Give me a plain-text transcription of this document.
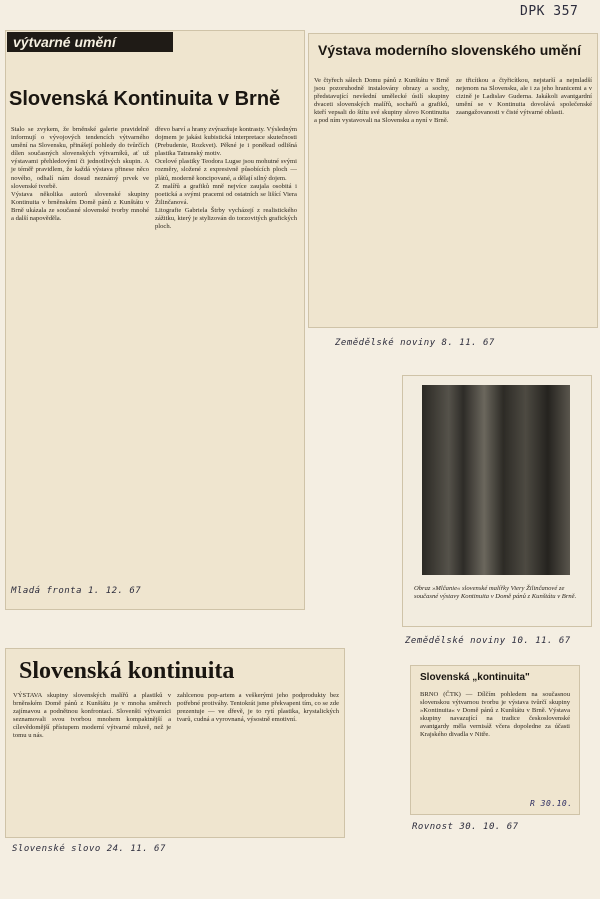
DPK 357
výtvarné umění
Slovenská Kontinuita v Brně
Stalo se zvykem, že brněnské galerie pravidelně informují o vývojových tendencích výtvarného umění na Slovensku, přinášejí pohledy do tvůrčích dílen současných slovenských výtvarníků, ať už výstavami přehledovými či jednotlivých skupin. A je téměř pravidlem, že každá výstava přinese něco nového, odhalí nám dosud neznámý prvek ve slovenské tvorbě.
Výstava několika autorů slovenské skupiny Kontinuita v brněnském Domě pánů z Kunštátu v Brně ukázala ze současné slovenské tvorby mnohé a další napověděla.
dřevo barví a hrany zvýrazňuje kontrasty. Výsledným dojmem je jakási kubistická interpretace skutečnosti (Prebudenie, Rozkvet). Pěkné je i poněkud odlišná plastika Tatranský motiv.
Ocelové plastiky Teodora Lugse jsou mohutné svými rozměry, složené z expresivně působících ploch — plátů, moderně koncipované, a dělají silný dojem.
Z malířů a grafiků mně nejvíce zaujala osobitá i poetická a svými pracemi od ostatních se lišící Viera Žilinčanová.
Litografie Gabriela Štrby vycházejí z realistického zážitku, který je stylizován do torzovitých grafických ploch.
Mladá fronta 1. 12. 67
Výstava moderního slovenského umění
Ve čtyřech sálech Domu pánů z Kunštátu v Brně jsou pozoruhodně instalovány obrazy a sochy, představující nevšední umělecké úsilí skupiny dvaceti slovenských malířů, sochařů a grafiků, kteří vepsali do štítu své skupiny slovo Kontinuita a pod ním vystavovali na Slovensku a nyní v Brně.
ze třicítkou a čtyřicítkou, nejstarší a nejmladší nejenom na Slovensku, ale i za jeho hranicemi a v cizině je Ladislav Guderna. Jakákoli avantgardní umění se v Kontinuita dovolává společenské zaangažovanosti v čisté výtvarné oblasti.
Zemědělské noviny 8. 11. 67
Obraz »Mlčanie« slovenské malířky Viery Žilinčanové ze současné výstavy Kontinuita v Domě pánů z Kunštátu v Brně.
Zemědělské noviny 10. 11. 67
Slovenská kontinuita
VÝSTAVA skupiny slovenských malířů a plastiků v brněnském Domě pánů z Kunštátu je v mnoha směrech zajímavou a podnětnou konfrontací. Slovenští výtvarníci seznamovali svou tvorbou mnohem kompaktnější a cílevědomější přístupem moderní výtvarné mluvě, než je tomu u nás.
zahlcenou pop-artem a veškerými jeho podprodukty bez potřebné protiváhy. Tentokrát jsme překvapeni tím, co se zde prezentuje — ve dřevě, je to rytí plastika, krystalických tvarů, cudná a vyrovnaná, výsostně emotivní.
Slovenské slovo 24. 11. 67
Slovenská „kontinuita"
BRNO (ČTK) — Dílčím pohledem na současnou slovenskou výtvarnou tvorbu je výstava tvůrčí skupiny »Kontinuita« v Domě pánů z Kunštátu v Brně. Výstava skupiny navazující na tradice československé avantgardy měla vernisáž včera dopoledne za účasti Krajského divadla v Nitře.
R 30.10.
Rovnost 30. 10. 67
